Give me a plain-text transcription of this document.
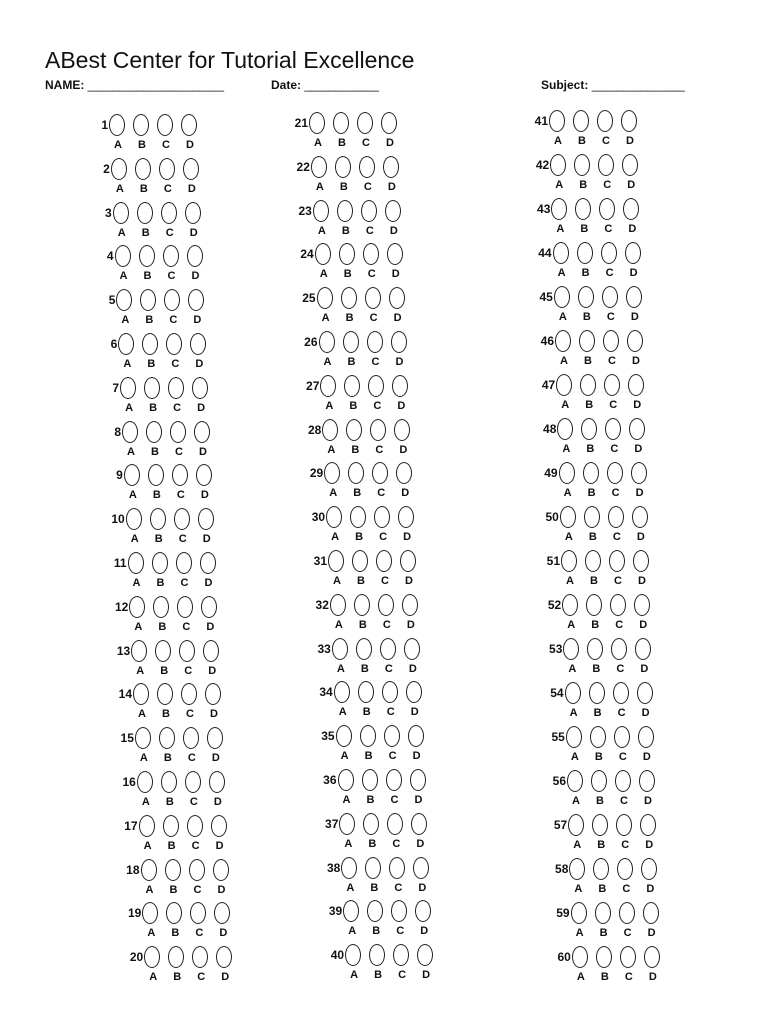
ABest Center for Tutorial Excellence
NAME: ______________________	Date: ____________	Subject: _______________
1
A	B	C	D
2
A	B	C	D
3
A	B	C	D
4
A	B	C	D
5
A	B	C	D
6
A	B	C	D
7
A	B	C	D
8
A	B	C	D
9
A	B	C	D
10
A	B	C	D
11
A	B	C	D
12
A	B	C	D
13
A	B	C	D
14
A	B	C	D
15
A	B	C	D
16
A	B	C	D
17
A	B	C	D
18
A	B	C	D
19
A	B	C	D
20
A	B	C	D
21
A	B	C	D
22
A	B	C	D
23
A	B	C	D
24
A	B	C	D
25
A	B	C	D
26
A	B	C	D
27
A	B	C	D
28
A	B	C	D
29
A	B	C	D
30
A	B	C	D
31
A	B	C	D
32
A	B	C	D
33
A	B	C	D
34
A	B	C	D
35
A	B	C	D
36
A	B	C	D
37
A	B	C	D
38
A	B	C	D
39
A	B	C	D
40
A	B	C	D
41
A	B	C	D
42
A	B	C	D
43
A	B	C	D
44
A	B	C	D
45
A	B	C	D
46
A	B	C	D
47
A	B	C	D
48
A	B	C	D
49
A	B	C	D
50
A	B	C	D
51
A	B	C	D
52
A	B	C	D
53
A	B	C	D
54
A	B	C	D
55
A	B	C	D
56
A	B	C	D
57
A	B	C	D
58
A	B	C	D
59
A	B	C	D
60
A	B	C	D
